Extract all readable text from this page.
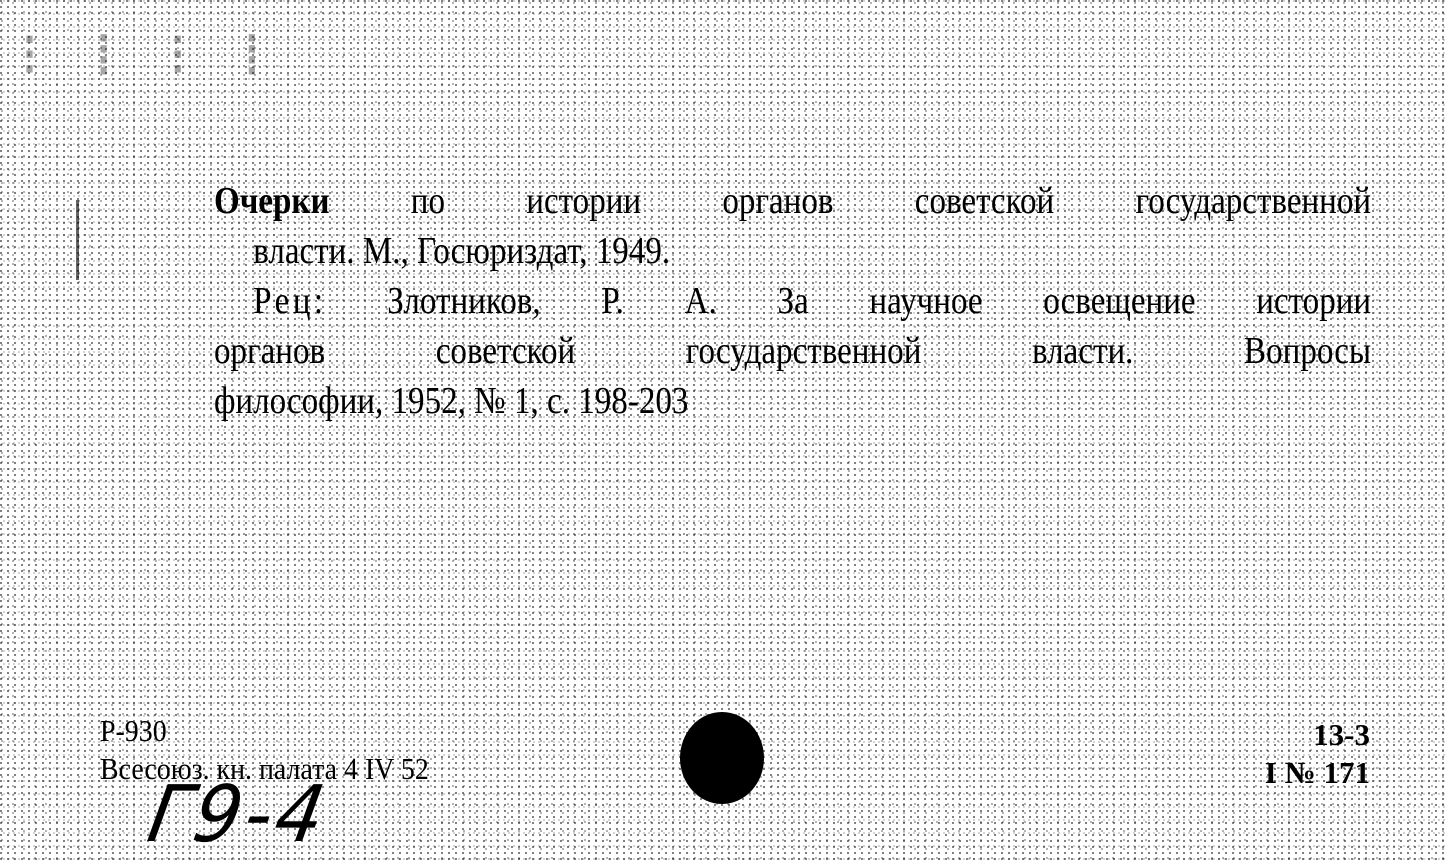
⁝ ⁞ ⁝ ⁞
Очерки по истории органов советской государственной
власти. М., Госюриздат, 1949.
Рец: Злотников, Р. А. За научное освещение истории
органов советской государственной власти. Вопросы
философии, 1952, № 1, с. 198-203
P-930
Всесоюз. кн. палата 4 IV 52
13-3
I № 171
Г9-4
